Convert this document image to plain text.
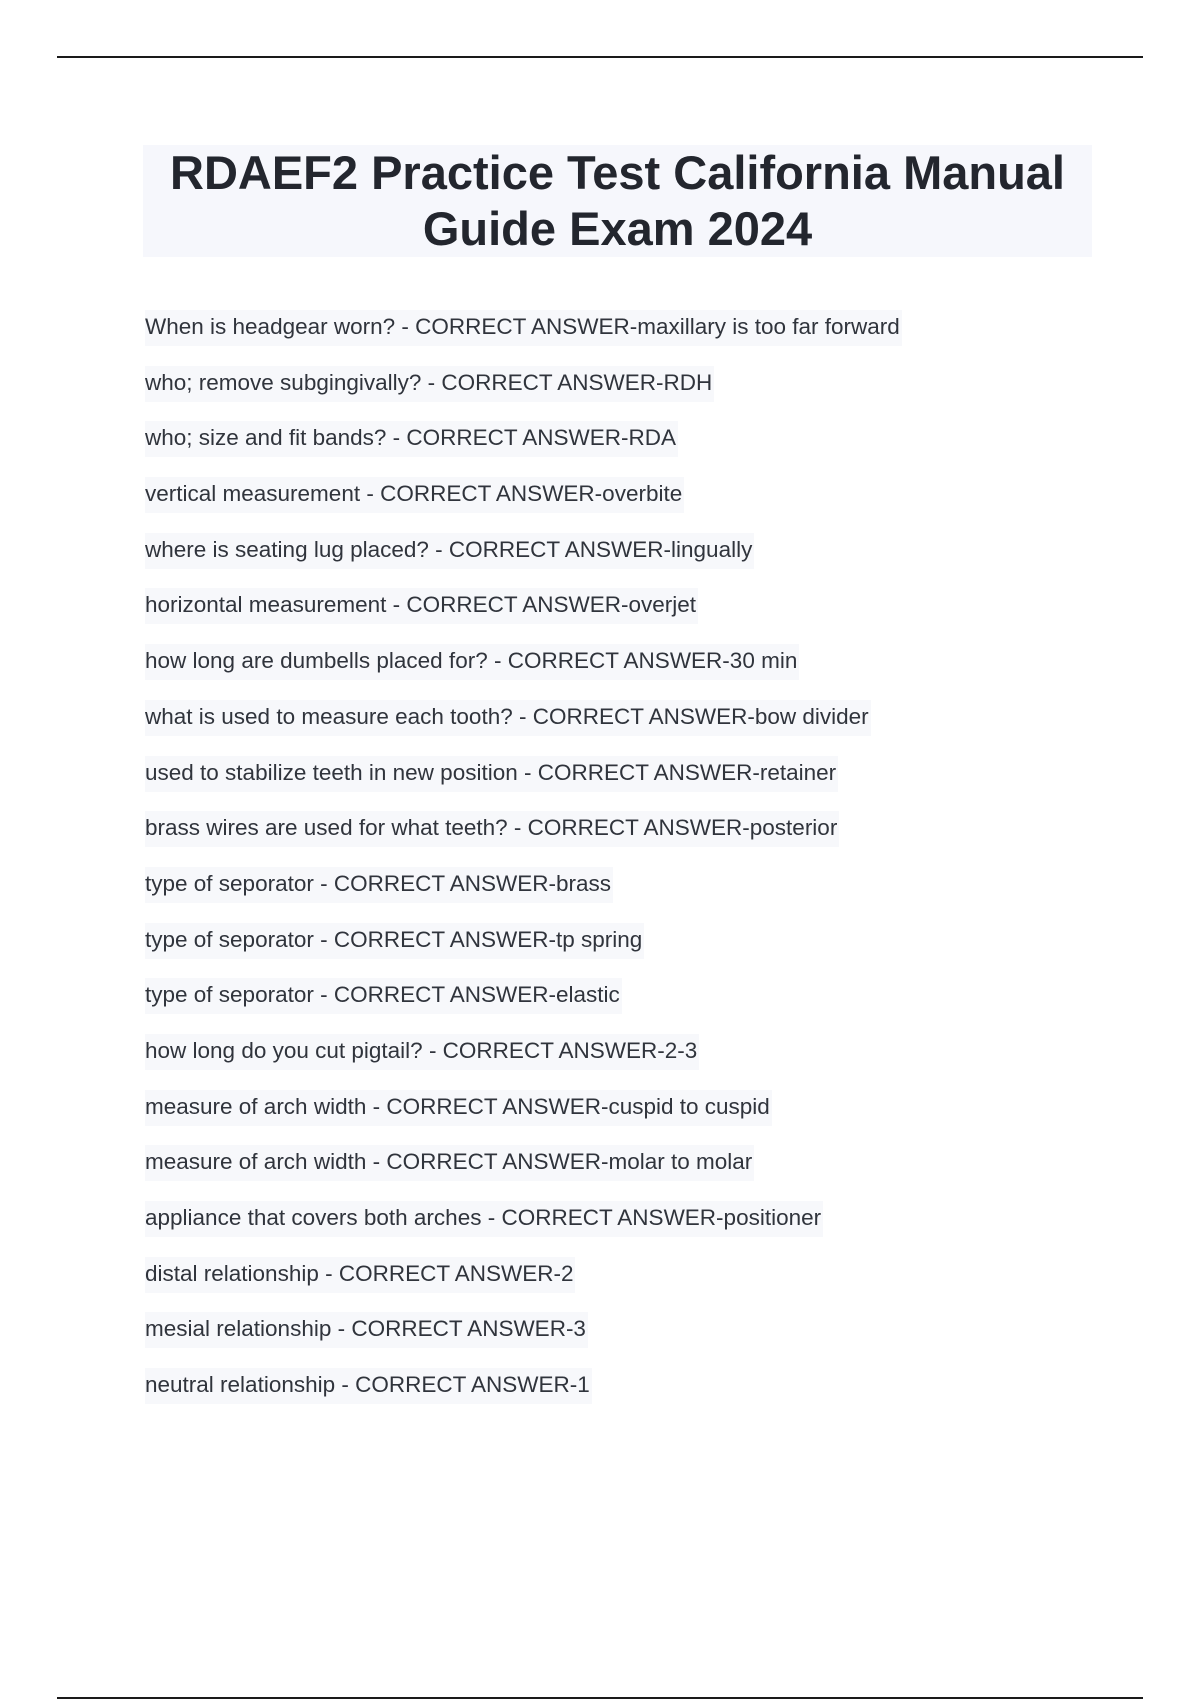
RDAEF2 Practice Test California Manual Guide Exam 2024
When is headgear worn? - CORRECT ANSWER-maxillary is too far forward
who; remove subgingivally? - CORRECT ANSWER-RDH
who; size and fit bands? - CORRECT ANSWER-RDA
vertical measurement - CORRECT ANSWER-overbite
where is seating lug placed? - CORRECT ANSWER-lingually
horizontal measurement - CORRECT ANSWER-overjet
how long are dumbells placed for? - CORRECT ANSWER-30 min
what is used to measure each tooth? - CORRECT ANSWER-bow divider
used to stabilize teeth in new position - CORRECT ANSWER-retainer
brass wires are used for what teeth? - CORRECT ANSWER-posterior
type of seporator - CORRECT ANSWER-brass
type of seporator - CORRECT ANSWER-tp spring
type of seporator - CORRECT ANSWER-elastic
how long do you cut pigtail? - CORRECT ANSWER-2-3
measure of arch width - CORRECT ANSWER-cuspid to cuspid
measure of arch width - CORRECT ANSWER-molar to molar
appliance that covers both arches - CORRECT ANSWER-positioner
distal relationship - CORRECT ANSWER-2
mesial relationship - CORRECT ANSWER-3
neutral relationship - CORRECT ANSWER-1
